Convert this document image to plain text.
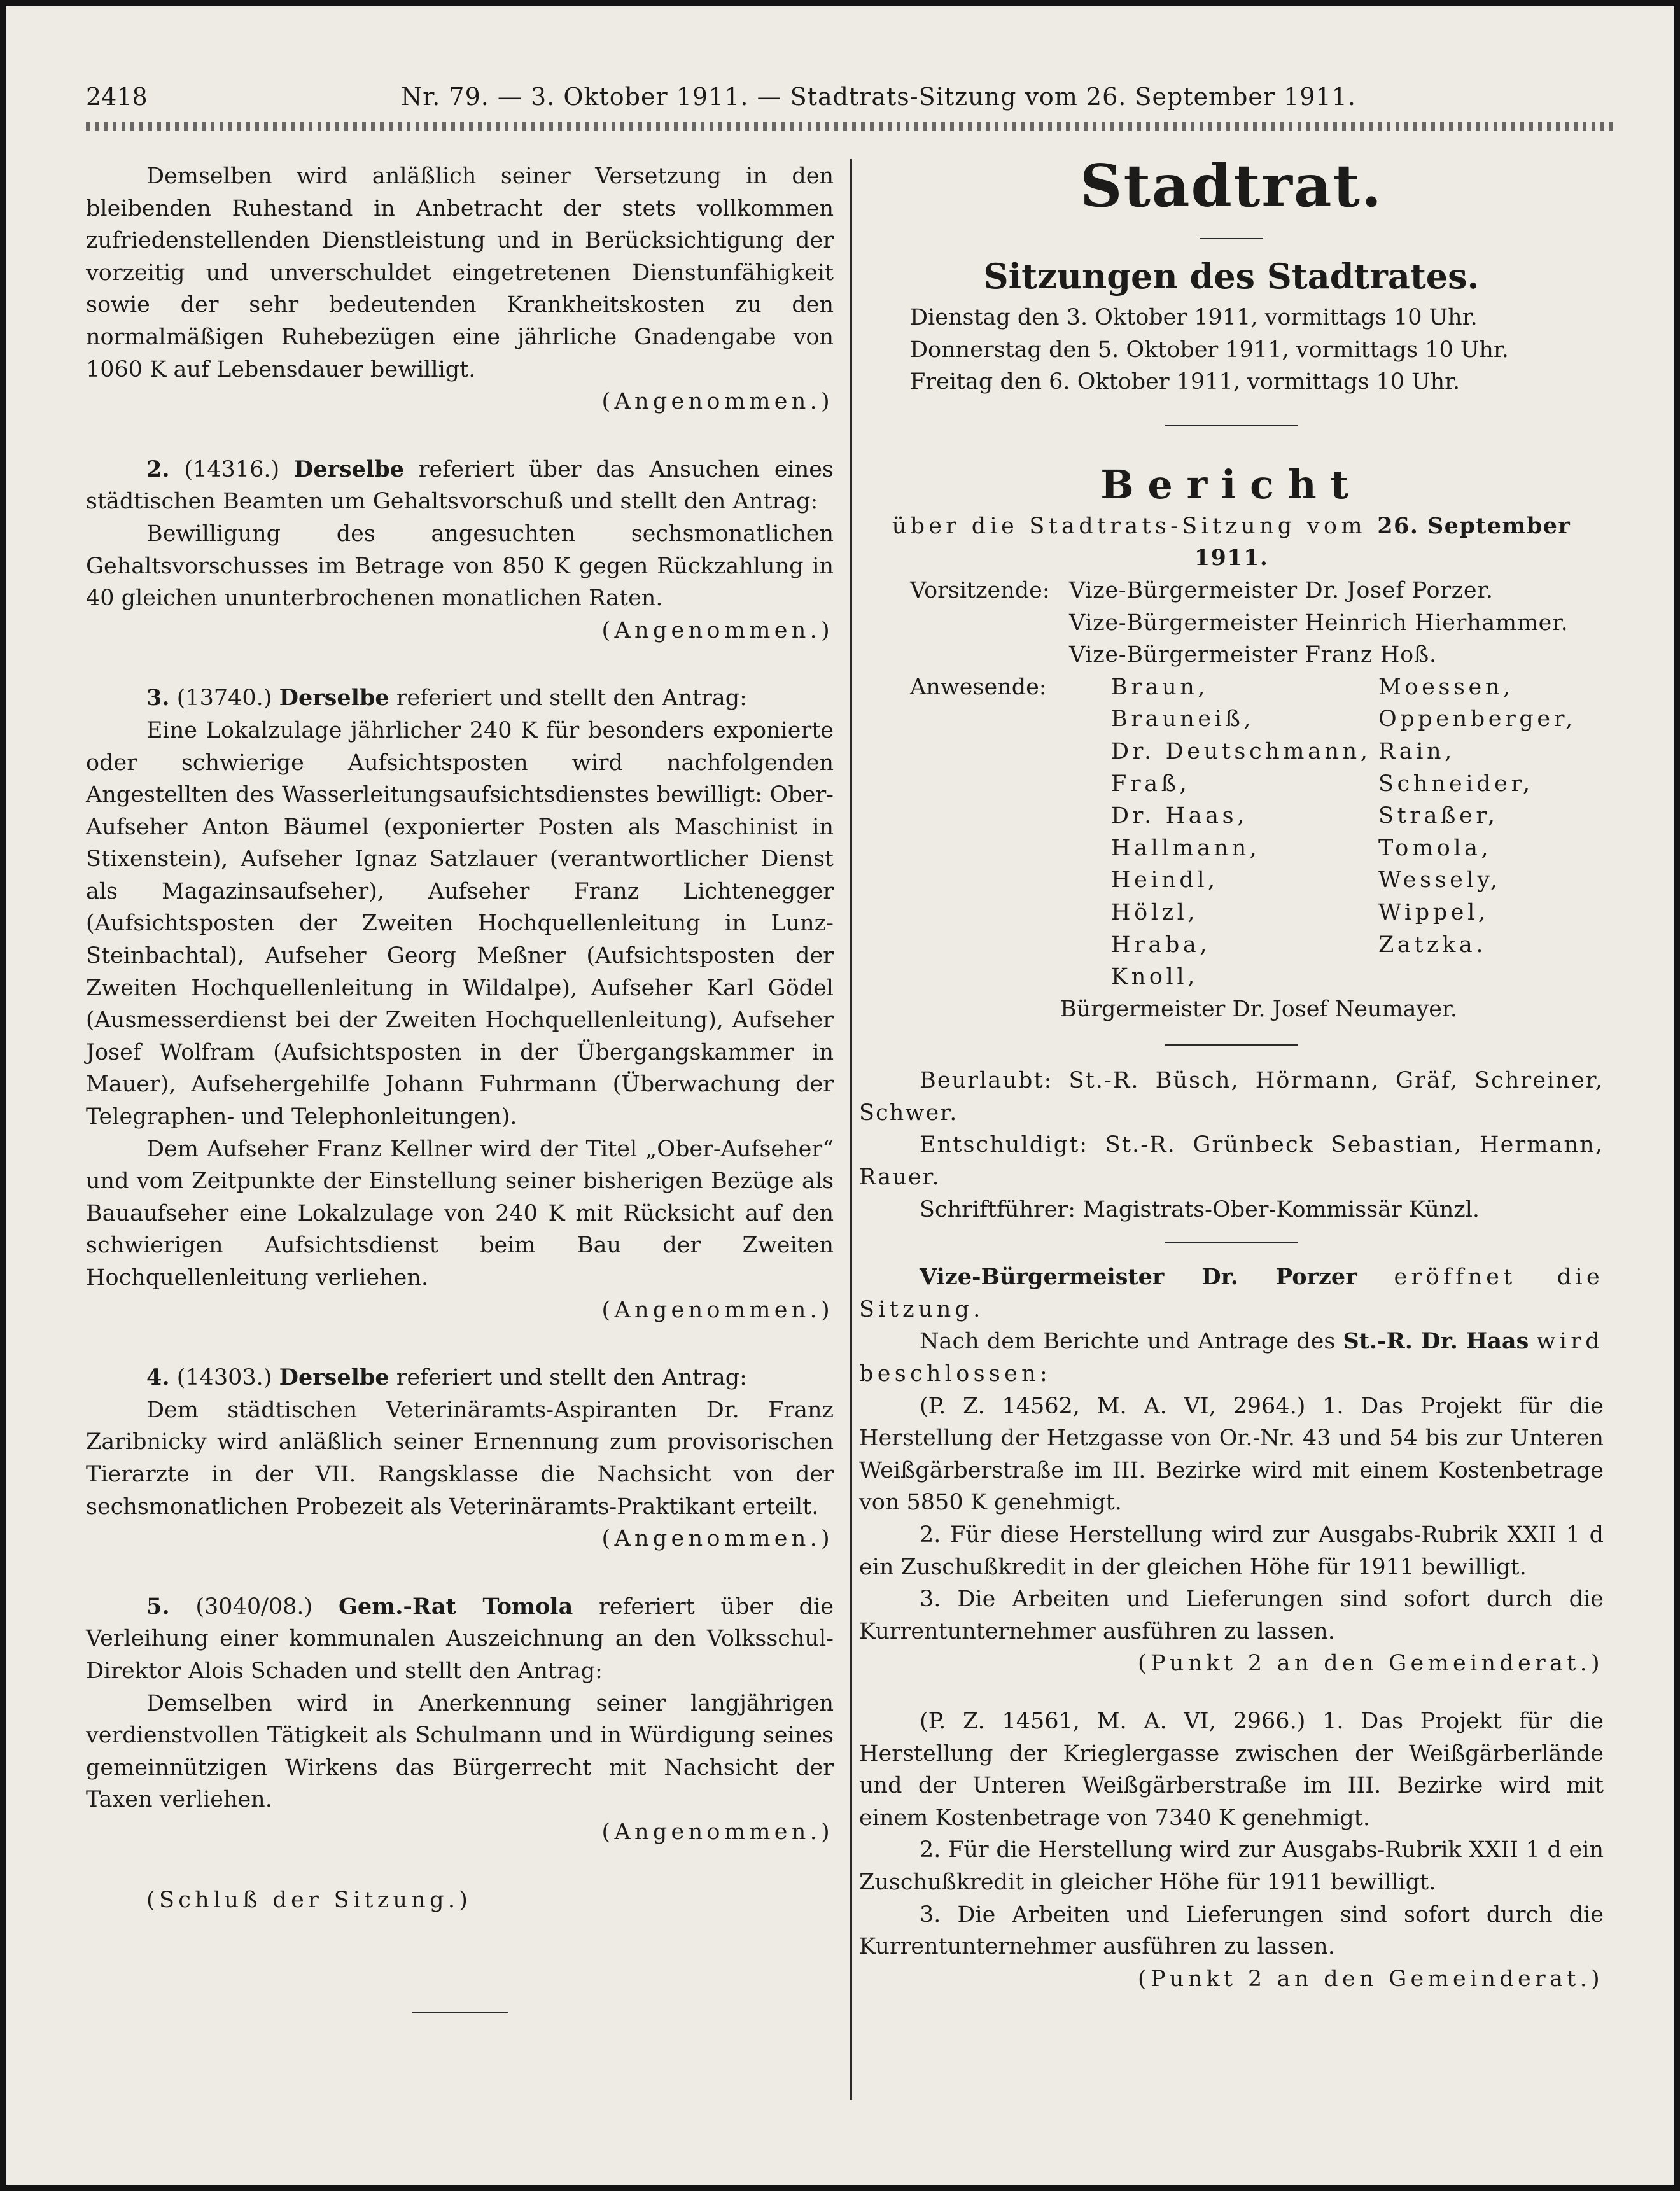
2418	Nr. 79. — 3. Oktober 1911. — Stadtrats-Sitzung vom 26. September 1911.

Demselben wird anläßlich seiner Versetzung in den bleibenden Ruhestand in Anbetracht der stets vollkommen zufriedenstellenden Dienstleistung und in Berücksichtigung der vorzeitig und unverschuldet eingetretenen Dienstunfähigkeit sowie der sehr bedeutenden Krankheitskosten zu den normalmäßigen Ruhebezügen eine jährliche Gnadengabe von 1060 K auf Lebensdauer bewilligt.

(Angenommen.)

2. (14316.) Derselbe referiert über das Ansuchen eines städtischen Beamten um Gehaltsvorschuß und stellt den Antrag:

Bewilligung des angesuchten sechsmonatlichen Gehaltsvorschusses im Betrage von 850 K gegen Rückzahlung in 40 gleichen ununterbrochenen monatlichen Raten.

(Angenommen.)

3. (13740.) Derselbe referiert und stellt den Antrag:

Eine Lokalzulage jährlicher 240 K für besonders exponierte oder schwierige Aufsichtsposten wird nachfolgenden Angestellten des Wasserleitungsaufsichtsdienstes bewilligt: Ober-Aufseher Anton Bäumel (exponierter Posten als Maschinist in Stixenstein), Aufseher Ignaz Satzlauer (verantwortlicher Dienst als Magazinsaufseher), Aufseher Franz Lichtenegger (Aufsichtsposten der Zweiten Hochquellenleitung in Lunz-Steinbachtal), Aufseher Georg Meßner (Aufsichtsposten der Zweiten Hochquellenleitung in Wildalpe), Aufseher Karl Gödel (Ausmesserdienst bei der Zweiten Hochquellenleitung), Aufseher Josef Wolfram (Aufsichtsposten in der Übergangskammer in Mauer), Aufsehergehilfe Johann Fuhrmann (Überwachung der Telegraphen- und Telephonleitungen).

Dem Aufseher Franz Kellner wird der Titel „Ober-Aufseher“ und vom Zeitpunkte der Einstellung seiner bisherigen Bezüge als Bauaufseher eine Lokalzulage von 240 K mit Rücksicht auf den schwierigen Aufsichtsdienst beim Bau der Zweiten Hochquellenleitung verliehen.

(Angenommen.)

4. (14303.) Derselbe referiert und stellt den Antrag:

Dem städtischen Veterinäramts-Aspiranten Dr. Franz Zaribnicky wird anläßlich seiner Ernennung zum provisorischen Tierarzte in der VII. Rangsklasse die Nachsicht von der sechsmonatlichen Probezeit als Veterinäramts-Praktikant erteilt.

(Angenommen.)

5. (3040/08.) Gem.-Rat Tomola referiert über die Verleihung einer kommunalen Auszeichnung an den Volksschul-Direktor Alois Schaden und stellt den Antrag:

Demselben wird in Anerkennung seiner langjährigen verdienstvollen Tätigkeit als Schulmann und in Würdigung seines gemeinnützigen Wirkens das Bürgerrecht mit Nachsicht der Taxen verliehen.

(Angenommen.)

(Schluß der Sitzung.)

Stadtrat.

Sitzungen des Stadtrates.

Dienstag den 3. Oktober 1911, vormittags 10 Uhr.

Donnerstag den 5. Oktober 1911, vormittags 10 Uhr.

Freitag den 6. Oktober 1911, vormittags 10 Uhr.

Bericht

über die Stadtrats-Sitzung vom 26. September 1911.

Vorsitzende: Vize-Bürgermeister Dr. Josef Porzer.
Vize-Bürgermeister Heinrich Hierhammer.
Vize-Bürgermeister Franz Hoß.
Anwesende:	Braun,
Brauneiß,
Dr. Deutschmann,
Fraß,
Dr. Haas,
Hallmann,
Heindl,
Hölzl,
Hraba,
Knoll,
Moessen,
Oppenberger,
Rain,
Schneider,
Straßer,
Tomola,
Wessely,
Wippel,
Zatzka.

Bürgermeister Dr. Josef Neumayer.

Beurlaubt: St.-R. Büsch, Hörmann, Gräf, Schreiner, Schwer.

Entschuldigt: St.-R. Grünbeck Sebastian, Hermann, Rauer.

Schriftführer: Magistrats-Ober-Kommissär Künzl.

Vize-Bürgermeister Dr. Porzer eröffnet die Sitzung.

Nach dem Berichte und Antrage des St.-R. Dr. Haas wird beschlossen:

(P. Z. 14562, M. A. VI, 2964.) 1. Das Projekt für die Herstellung der Hetzgasse von Or.-Nr. 43 und 54 bis zur Unteren Weißgärberstraße im III. Bezirke wird mit einem Kostenbetrage von 5850 K genehmigt.

2. Für diese Herstellung wird zur Ausgabs-Rubrik XXII 1 d ein Zuschußkredit in der gleichen Höhe für 1911 bewilligt.

3. Die Arbeiten und Lieferungen sind sofort durch die Kurrentunternehmer ausführen zu lassen.

(Punkt 2 an den Gemeinderat.)

(P. Z. 14561, M. A. VI, 2966.) 1. Das Projekt für die Herstellung der Krieglergasse zwischen der Weißgärberlände und der Unteren Weißgärberstraße im III. Bezirke wird mit einem Kostenbetrage von 7340 K genehmigt.

2. Für die Herstellung wird zur Ausgabs-Rubrik XXII 1 d ein Zuschußkredit in gleicher Höhe für 1911 bewilligt.

3. Die Arbeiten und Lieferungen sind sofort durch die Kurrentunternehmer ausführen zu lassen.

(Punkt 2 an den Gemeinderat.)
